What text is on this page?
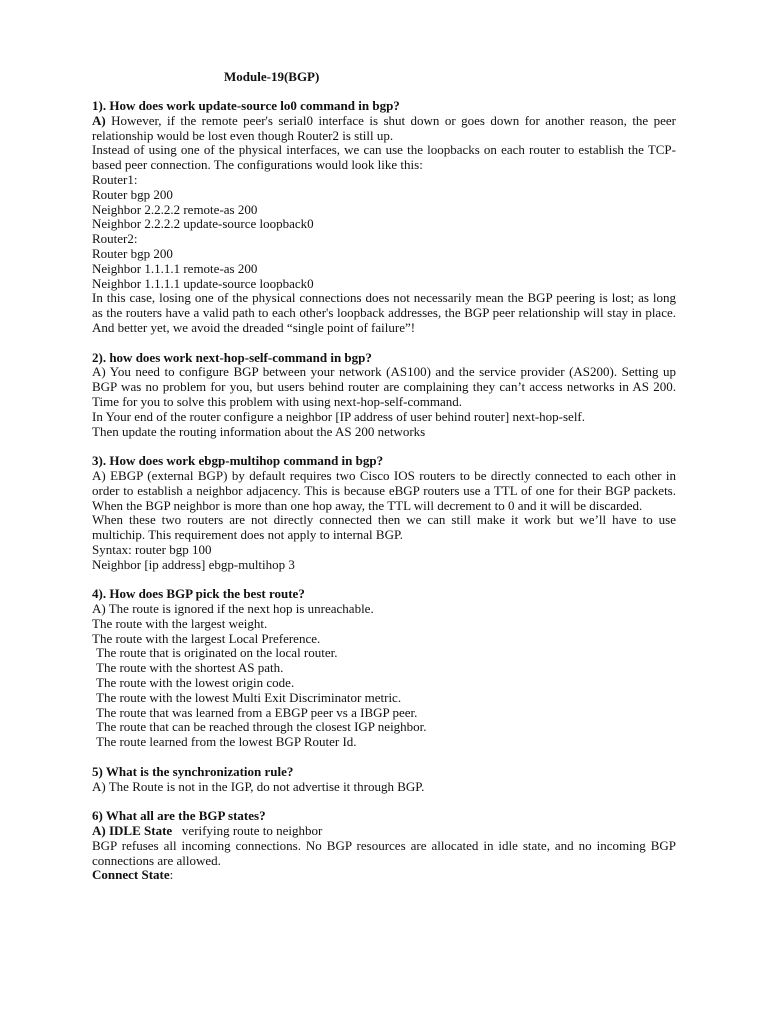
Module-19(BGP)
1). How does work update-source lo0 command in bgp?
A) However, if the remote peer's serial0 interface is shut down or goes down for another reason, the peer relationship would be lost even though Router2 is still up.
Instead of using one of the physical interfaces, we can use the loopbacks on each router to establish the TCP-based peer connection. The configurations would look like this:
Router1:
Router bgp 200
Neighbor 2.2.2.2 remote-as 200
Neighbor 2.2.2.2 update-source loopback0
Router2:
Router bgp 200
Neighbor 1.1.1.1 remote-as 200
Neighbor 1.1.1.1 update-source loopback0
In this case, losing one of the physical connections does not necessarily mean the BGP peering is lost; as long as the routers have a valid path to each other's loopback addresses, the BGP peer relationship will stay in place. And better yet, we avoid the dreaded “single point of failure”!
2). how does work next-hop-self-command in bgp?
A) You need to configure BGP between your network (AS100) and the service provider (AS200). Setting up BGP was no problem for you, but users behind router are complaining they can’t access networks in AS 200. Time for you to solve this problem with using next-hop-self-command.
In Your end of the router configure a neighbor [IP address of user behind router] next-hop-self.
Then update the routing information about the AS 200 networks
3). How does work ebgp-multihop command in bgp?
A) EBGP (external BGP) by default requires two Cisco IOS routers to be directly connected to each other in order to establish a neighbor adjacency. This is because eBGP routers use a TTL of one for their BGP packets. When the BGP neighbor is more than one hop away, the TTL will decrement to 0 and it will be discarded.
When these two routers are not directly connected then we can still make it work but we’ll have to use multichip. This requirement does not apply to internal BGP.
Syntax: router bgp 100
Neighbor [ip address] ebgp-multihop 3
4). How does BGP pick the best route?
A) The route is ignored if the next hop is unreachable.
The route with the largest weight.
The route with the largest Local Preference.
The route that is originated on the local router.
The route with the shortest AS path.
The route with the lowest origin code.
The route with the lowest Multi Exit Discriminator metric.
The route that was learned from a EBGP peer vs a IBGP peer.
The route that can be reached through the closest IGP neighbor.
The route learned from the lowest BGP Router Id.
5) What is the synchronization rule?
A) The Route is not in the IGP, do not advertise it through BGP.
6) What all are the BGP states?
A) IDLE State verifying route to neighbor
BGP refuses all incoming connections. No BGP resources are allocated in idle state, and no incoming BGP connections are allowed.
Connect State:
